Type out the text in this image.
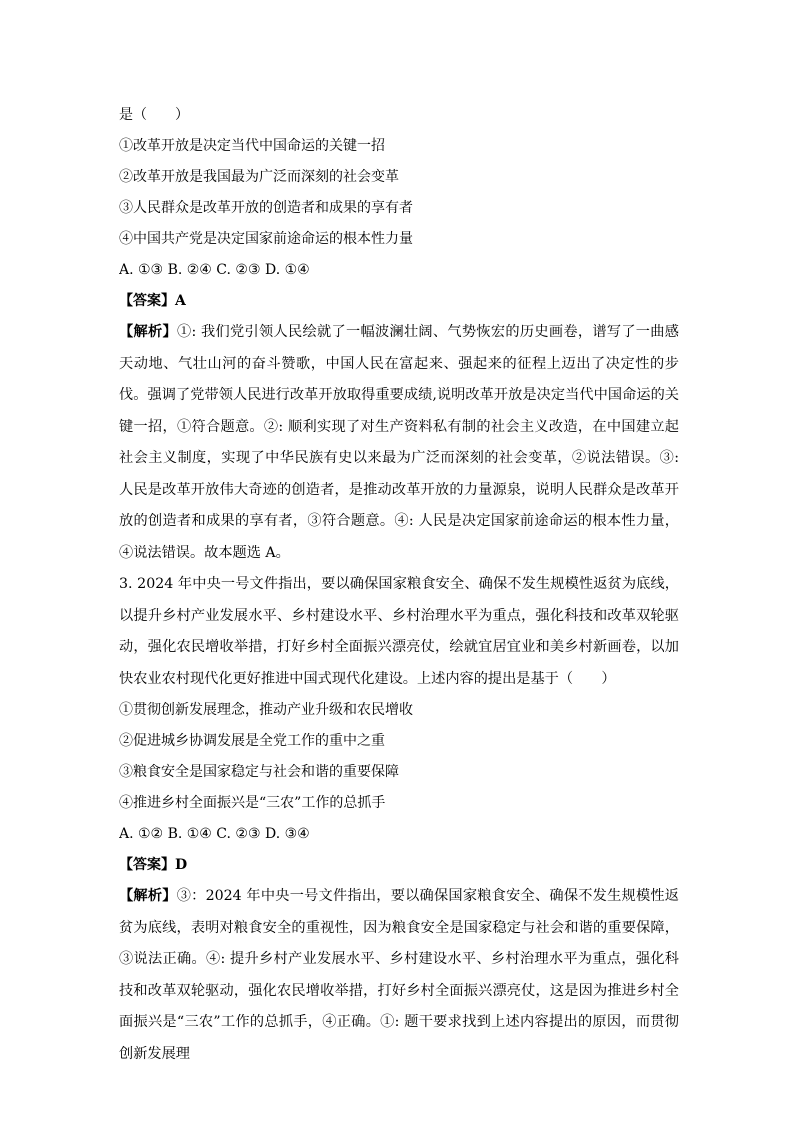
是（　　）
①改革开放是决定当代中国命运的关键一招
②改革开放是我国最为广泛而深刻的社会变革
③人民群众是改革开放的创造者和成果的享有者
④中国共产党是决定国家前途命运的根本性力量
A. ①③ B. ②④ C. ②③ D. ①④
【答案】A
【解析】①: 我们党引领人民绘就了一幅波澜壮阔、气势恢宏的历史画卷，谱写了一曲感天动地、气壮山河的奋斗赞歌，中国人民在富起来、强起来的征程上迈出了决定性的步伐。强调了党带领人民进行改革开放取得重要成绩,说明改革开放是决定当代中国命运的关键一招，①符合题意。②: 顺利实现了对生产资料私有制的社会主义改造，在中国建立起社会主义制度，实现了中华民族有史以来最为广泛而深刻的社会变革，②说法错误。③: 人民是改革开放伟大奇迹的创造者，是推动改革开放的力量源泉，说明人民群众是改革开放的创造者和成果的享有者，③符合题意。④: 人民是决定国家前途命运的根本性力量，④说法错误。故本题选 A。
3. 2024 年中央一号文件指出，要以确保国家粮食安全、确保不发生规模性返贫为底线，以提升乡村产业发展水平、乡村建设水平、乡村治理水平为重点，强化科技和改革双轮驱动，强化农民增收举措，打好乡村全面振兴漂亮仗，绘就宜居宜业和美乡村新画卷，以加快农业农村现代化更好推进中国式现代化建设。上述内容的提出是基于（　　）
①贯彻创新发展理念，推动产业升级和农民增收
②促进城乡协调发展是全党工作的重中之重
③粮食安全是国家稳定与社会和谐的重要保障
④推进乡村全面振兴是“三农”工作的总抓手
A. ①② B. ①④ C. ②③ D. ③④
【答案】D
【解析】③：2024 年中央一号文件指出，要以确保国家粮食安全、确保不发生规模性返贫为底线，表明对粮食安全的重视性，因为粮食安全是国家稳定与社会和谐的重要保障，③说法正确。④: 提升乡村产业发展水平、乡村建设水平、乡村治理水平为重点，强化科技和改革双轮驱动，强化农民增收举措，打好乡村全面振兴漂亮仗，这是因为推进乡村全面振兴是“三农”工作的总抓手，④正确。①: 题干要求找到上述内容提出的原因，而贯彻创新发展理
